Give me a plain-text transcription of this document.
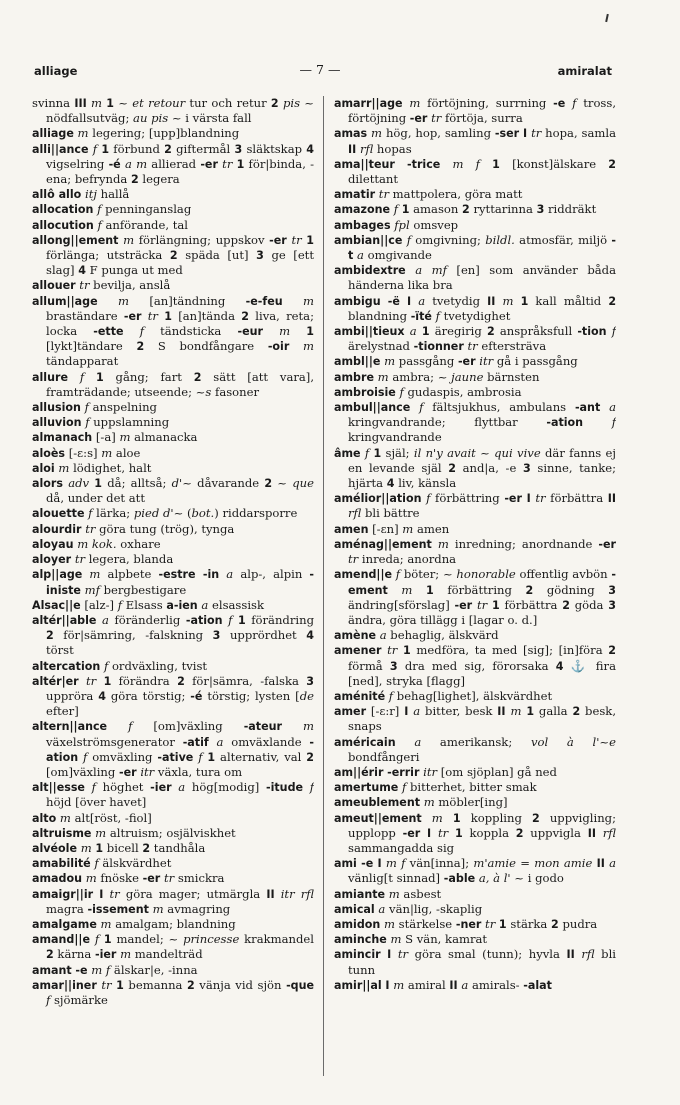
alliage	— 7 —	amiralat

svinna III m 1 ~ et retour tur och retur 2 pis ~ nödfallsutväg; au pis ~ i värsta fall

alliage m legering; [upp]blandning

alli||ance f 1 förbund 2 giftermål 3 släktskap 4 vigselring -é a m allierad -er tr 1 för|binda, -ena; befrynda 2 legera

allô allo itj hallå

allocation f penninganslag

allocution f anförande, tal

allong||ement m förlängning; uppskov -er tr 1 förlänga; utsträcka 2 späda [ut] 3 ge [ett slag] 4 F punga ut med

allouer tr bevilja, anslå

allum||age m [an]tändning -e-feu m braständare -er tr 1 [an]tända 2 liva, reta; locka -ette f tändsticka -eur m 1 [lykt]tändare 2 S bondfångare -oir m tändapparat

allure f 1 gång; fart 2 sätt [att vara], framträdande; utseende; ~s fasoner

allusion f anspelning

alluvion f uppslamning

almanach [-a] m almanacka

aloès [-ɛ:s] m aloe

aloi m lödighet, halt

alors adv 1 då; alltså; d'~ dåvarande 2 ~ que då, under det att

alouette f lärka; pied d'~ (bot.) riddarsporre

alourdir tr göra tung (trög), tynga

aloyau m kok. oxhare

aloyer tr legera, blanda

alp||age m alpbete -estre -in a alp-, alpin -iniste mf bergbestigare

Alsac||e [alz-] f Elsass a-ien a elsassisk

altér||able a föränderlig -ation f 1 förändring 2 för|sämring, -falskning 3 upprördhet 4 törst

altercation f ordväxling, tvist

altér|er tr 1 förändra 2 för|sämra, -falska 3 uppröra 4 göra törstig; -é törstig; lysten [de efter]

altern||ance f [om]växling -ateur m växelströmsgenerator -atif a omväxlande -ation f omväxling -ative f 1 alternativ, val 2 [om]växling -er itr växla, tura om

alt||esse f höghet -ier a hög[modig] -itude f höjd [över havet]

alto m alt[röst, -fiol]

altruisme m altruism; osjälviskhet

alvéole m 1 bicell 2 tandhåla

amabilité f älskvärdhet

amadou m fnöske -er tr smickra

amaigr||ir I tr göra mager; utmärgla II itr rfl magra -issement m avmagring

amalgame m amalgam; blandning

amand||e f 1 mandel; ~ princesse krakmandel 2 kärna -ier m mandelträd

amant -e m f älskar|e, -inna

amar||iner tr 1 bemanna 2 vänja vid sjön -que f sjömärke

amarr||age m förtöjning, surrning -e f tross, förtöjning -er tr förtöja, surra

amas m hög, hop, samling -ser I tr hopa, samla II rfl hopas

ama||teur -trice m f 1 [konst]älskare 2 dilettant

amatir tr mattpolera, göra matt

amazone f 1 amason 2 ryttarinna 3 riddräkt

ambages fpl omsvep

ambian||ce f omgivning; bildl. atmosfär, miljö -t a omgivande

ambidextre a mf [en] som använder båda händerna lika bra

ambigu -ë I a tvetydig II m 1 kall måltid 2 blandning -ïté f tvetydighet

ambi||tieux a 1 äregirig 2 anspråksfull -tion f ärelystnad -tionner tr eftersträva

ambl||e m passgång -er itr gå i passgång

ambre m ambra; ~ jaune bärnsten

ambroisie f gudaspis, ambrosia

ambul||ance f fältsjukhus, ambulans -ant a kringvandrande; flyttbar -ation f kringvandrande

âme f 1 själ; il n'y avait ~ qui vive där fanns ej en levande själ 2 and|a, -e 3 sinne, tanke; hjärta 4 liv, känsla

amélior||ation f förbättring -er I tr förbättra II rfl bli bättre

amen [-ɛn] m amen

aménag||ement m inredning; anordnande -er tr inreda; anordna

amend||e f böter; ~ honorable offentlig avbön -ement m 1 förbättring 2 gödning 3 ändring[sförslag] -er tr 1 förbättra 2 göda 3 ändra, göra tillägg i [lagar o. d.]

amène a behaglig, älskvärd

amener tr 1 medföra, ta med [sig]; [in]föra 2 förmå 3 dra med sig, förorsaka 4 ⚓ fira [ned], stryka [flagg]

aménité f behag[lighet], älskvärdhet

amer [-ɛ:r] I a bitter, besk II m 1 galla 2 besk, snaps

américain a amerikansk; vol à l'~e bondfångeri

am||érir -errir itr [om sjöplan] gå ned

amertume f bitterhet, bitter smak

ameublement m möbler[ing]

ameut||ement m 1 koppling 2 uppvigling; upplopp -er I tr 1 koppla 2 uppvigla II rfl sammangadda sig

ami -e I m f vän[inna]; m'amie = mon amie II a vänlig[t sinnad] -able a, à l' ~ i godo

amiante m asbest

amical a vän|lig, -skaplig

amidon m stärkelse -ner tr 1 stärka 2 pudra

aminche m S vän, kamrat

amincir I tr göra smal (tunn); hyvla II rfl bli tunn

amir||al I m amiral II a amirals- -alat
